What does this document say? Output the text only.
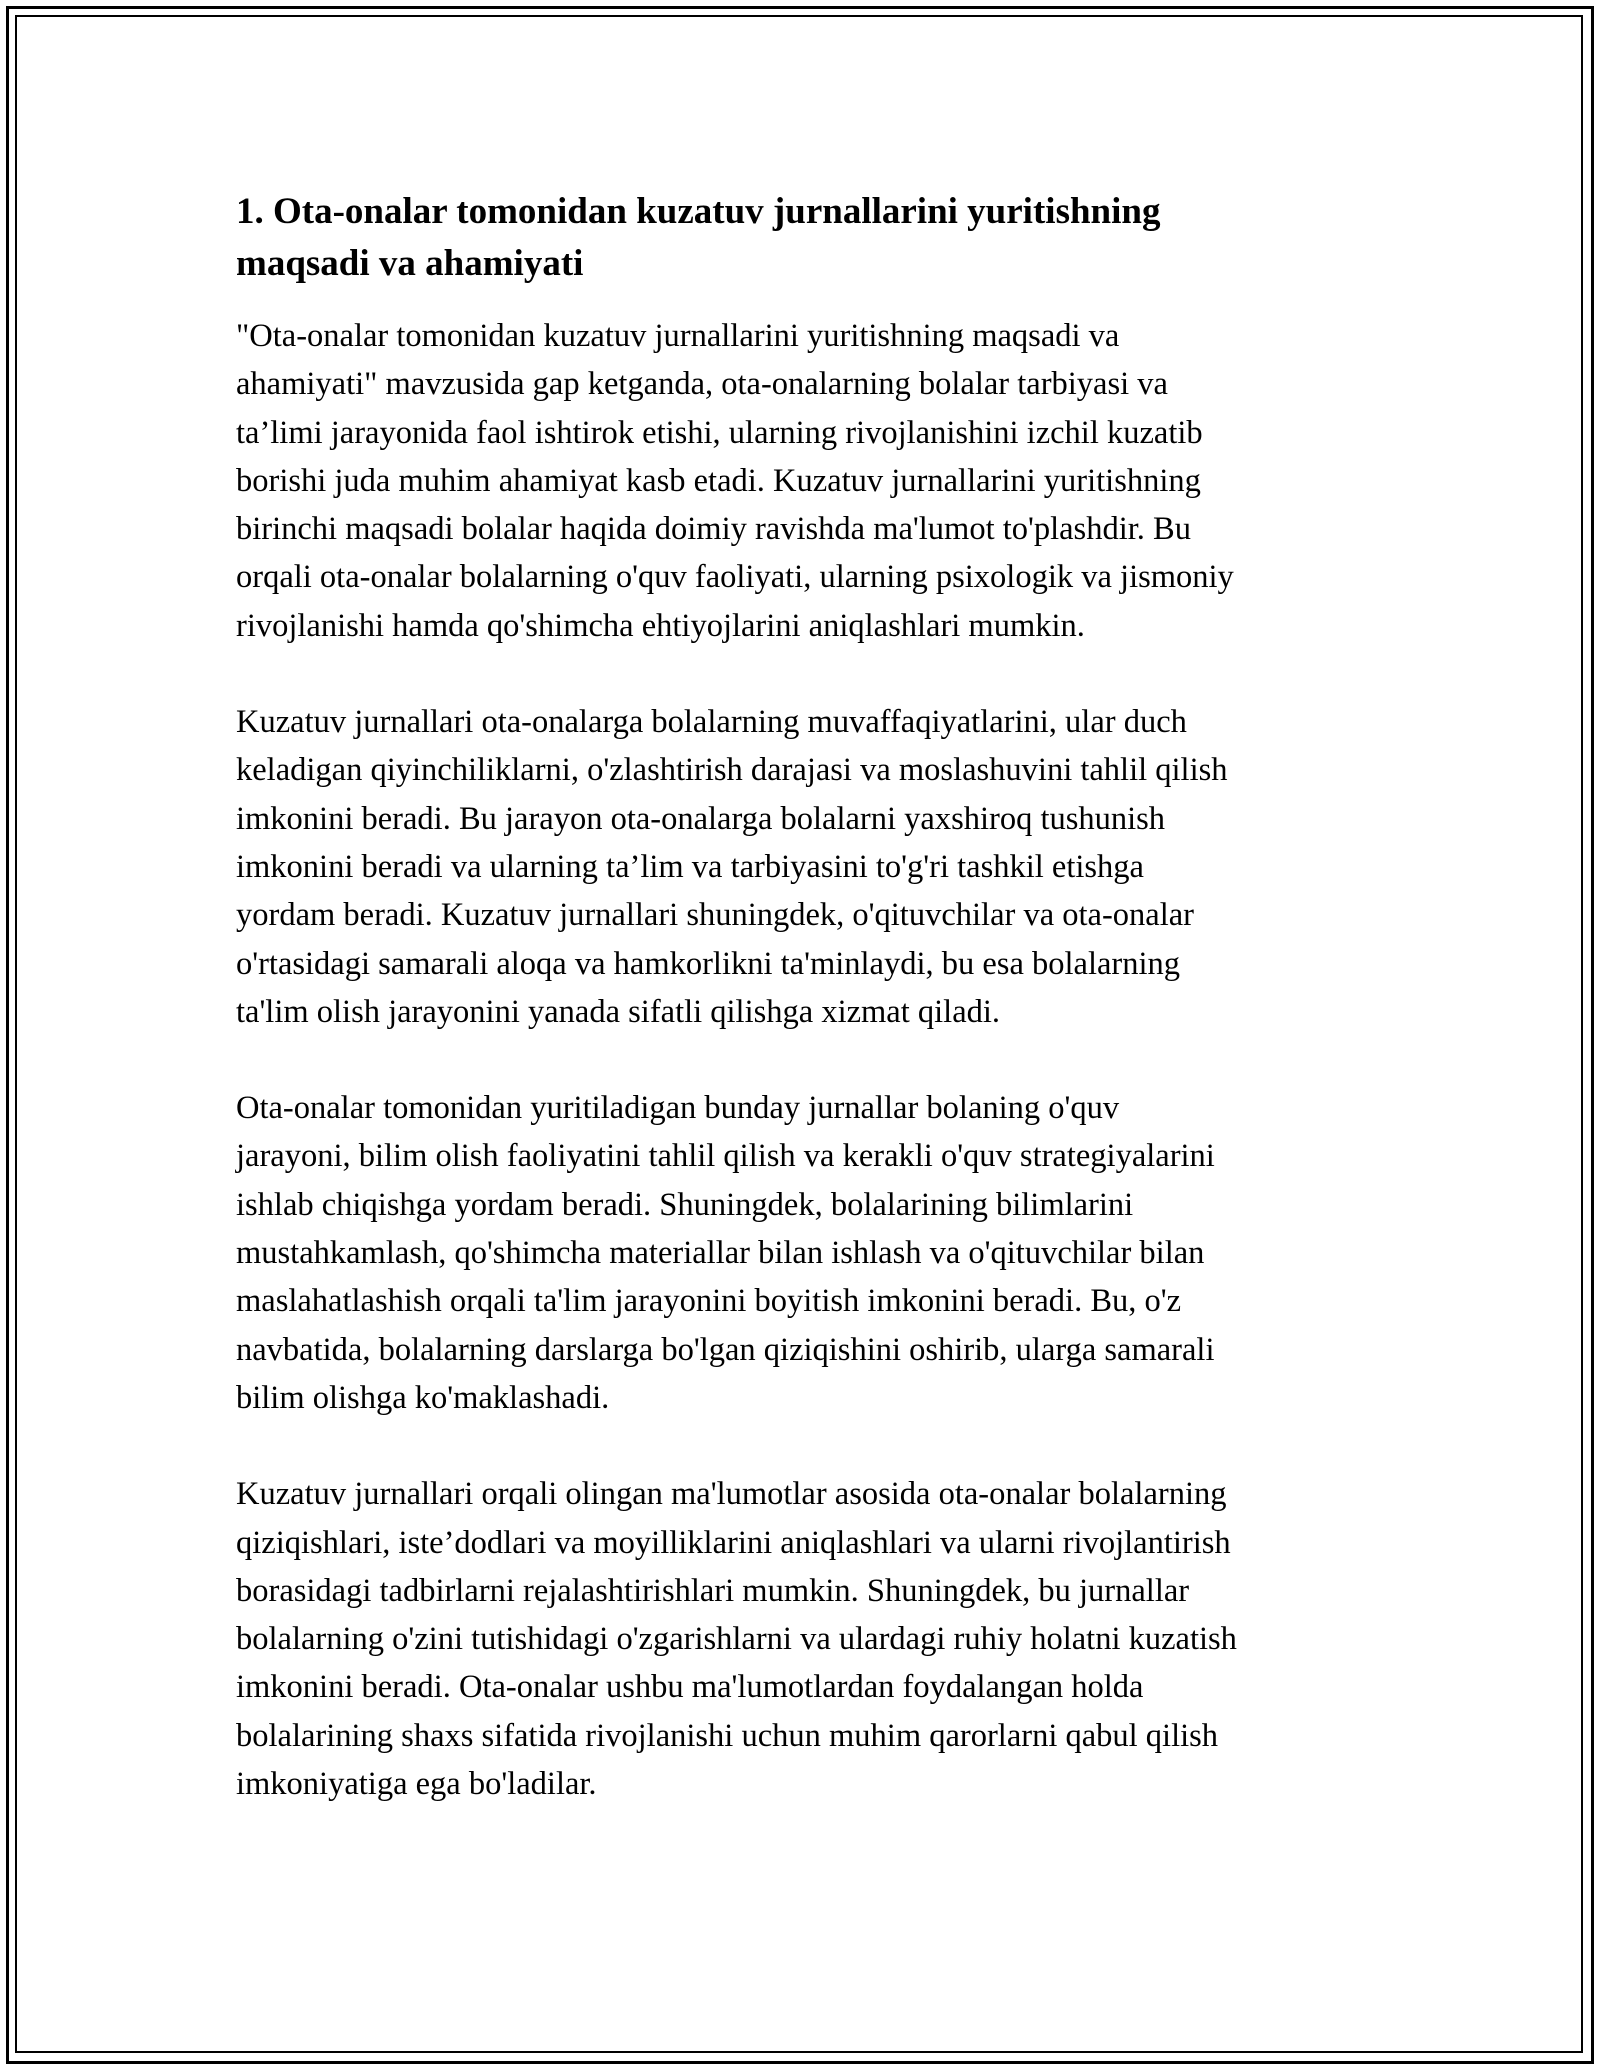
1. Ota-onalar tomonidan kuzatuv jurnallarini yuritishning
maqsadi va ahamiyati

"Ota-onalar tomonidan kuzatuv jurnallarini yuritishning maqsadi va
ahamiyati" mavzusida gap ketganda, ota-onalarning bolalar tarbiyasi va
ta’limi jarayonida faol ishtirok etishi, ularning rivojlanishini izchil kuzatib
borishi juda muhim ahamiyat kasb etadi. Kuzatuv jurnallarini yuritishning
birinchi maqsadi bolalar haqida doimiy ravishda ma'lumot to'plashdir. Bu
orqali ota-onalar bolalarning o'quv faoliyati, ularning psixologik va jismoniy
rivojlanishi hamda qo'shimcha ehtiyojlarini aniqlashlari mumkin.

Kuzatuv jurnallari ota-onalarga bolalarning muvaffaqiyatlarini, ular duch
keladigan qiyinchiliklarni, o'zlashtirish darajasi va moslashuvini tahlil qilish
imkonini beradi. Bu jarayon ota-onalarga bolalarni yaxshiroq tushunish
imkonini beradi va ularning ta’lim va tarbiyasini to'g'ri tashkil etishga
yordam beradi. Kuzatuv jurnallari shuningdek, o'qituvchilar va ota-onalar
o'rtasidagi samarali aloqa va hamkorlikni ta'minlaydi, bu esa bolalarning
ta'lim olish jarayonini yanada sifatli qilishga xizmat qiladi.

Ota-onalar tomonidan yuritiladigan bunday jurnallar bolaning o'quv
jarayoni, bilim olish faoliyatini tahlil qilish va kerakli o'quv strategiyalarini
ishlab chiqishga yordam beradi. Shuningdek, bolalarining bilimlarini
mustahkamlash, qo'shimcha materiallar bilan ishlash va o'qituvchilar bilan
maslahatlashish orqali ta'lim jarayonini boyitish imkonini beradi. Bu, o'z
navbatida, bolalarning darslarga bo'lgan qiziqishini oshirib, ularga samarali
bilim olishga ko'maklashadi.

Kuzatuv jurnallari orqali olingan ma'lumotlar asosida ota-onalar bolalarning
qiziqishlari, iste’dodlari va moyilliklarini aniqlashlari va ularni rivojlantirish
borasidagi tadbirlarni rejalashtirishlari mumkin. Shuningdek, bu jurnallar
bolalarning o'zini tutishidagi o'zgarishlarni va ulardagi ruhiy holatni kuzatish
imkonini beradi. Ota-onalar ushbu ma'lumotlardan foydalangan holda
bolalarining shaxs sifatida rivojlanishi uchun muhim qarorlarni qabul qilish
imkoniyatiga ega bo'ladilar.
